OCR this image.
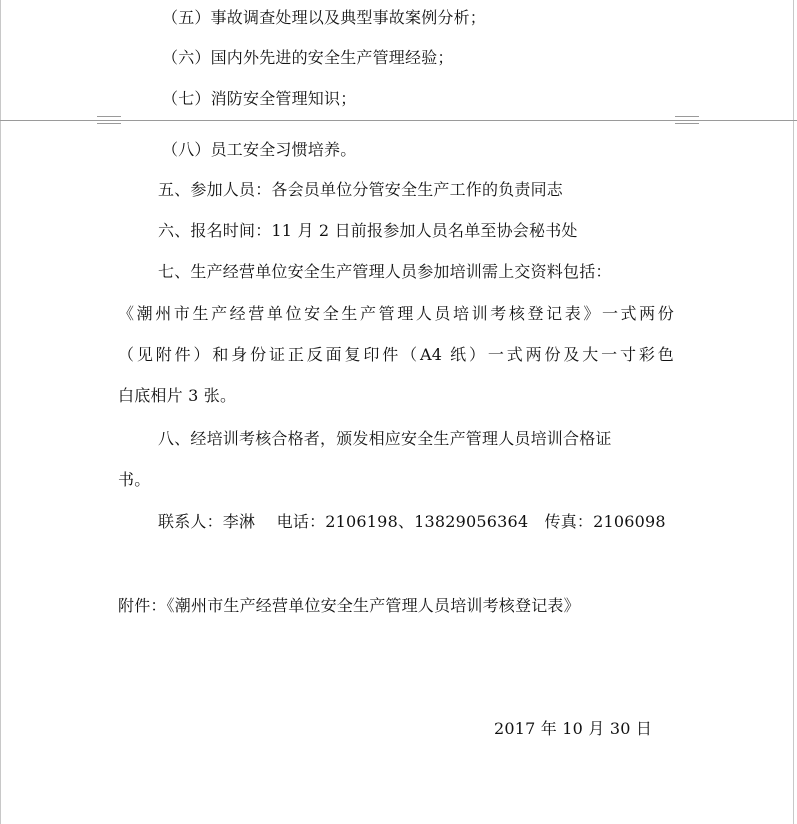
（五）事故调查处理以及典型事故案例分析；
（六）国内外先进的安全生产管理经验；
（七）消防安全管理知识；
（八）员工安全习惯培养。
五、参加人员：各会员单位分管安全生产工作的负责同志
六、报名时间：11 月 2 日前报参加人员名单至协会秘书处
七、生产经营单位安全生产管理人员参加培训需上交资料包括：
《潮州市生产经营单位安全生产管理人员培训考核登记表》一式两份
（见附件）和身份证正反面复印件（A4 纸）一式两份及大一寸彩色
白底相片 3 张。
八、经培训考核合格者，颁发相应安全生产管理人员培训合格证
书。
联系人：李淋　 电话：2106198、13829056364　传真：2106098
附件：《潮州市生产经营单位安全生产管理人员培训考核登记表》
2017 年 10 月 30 日
